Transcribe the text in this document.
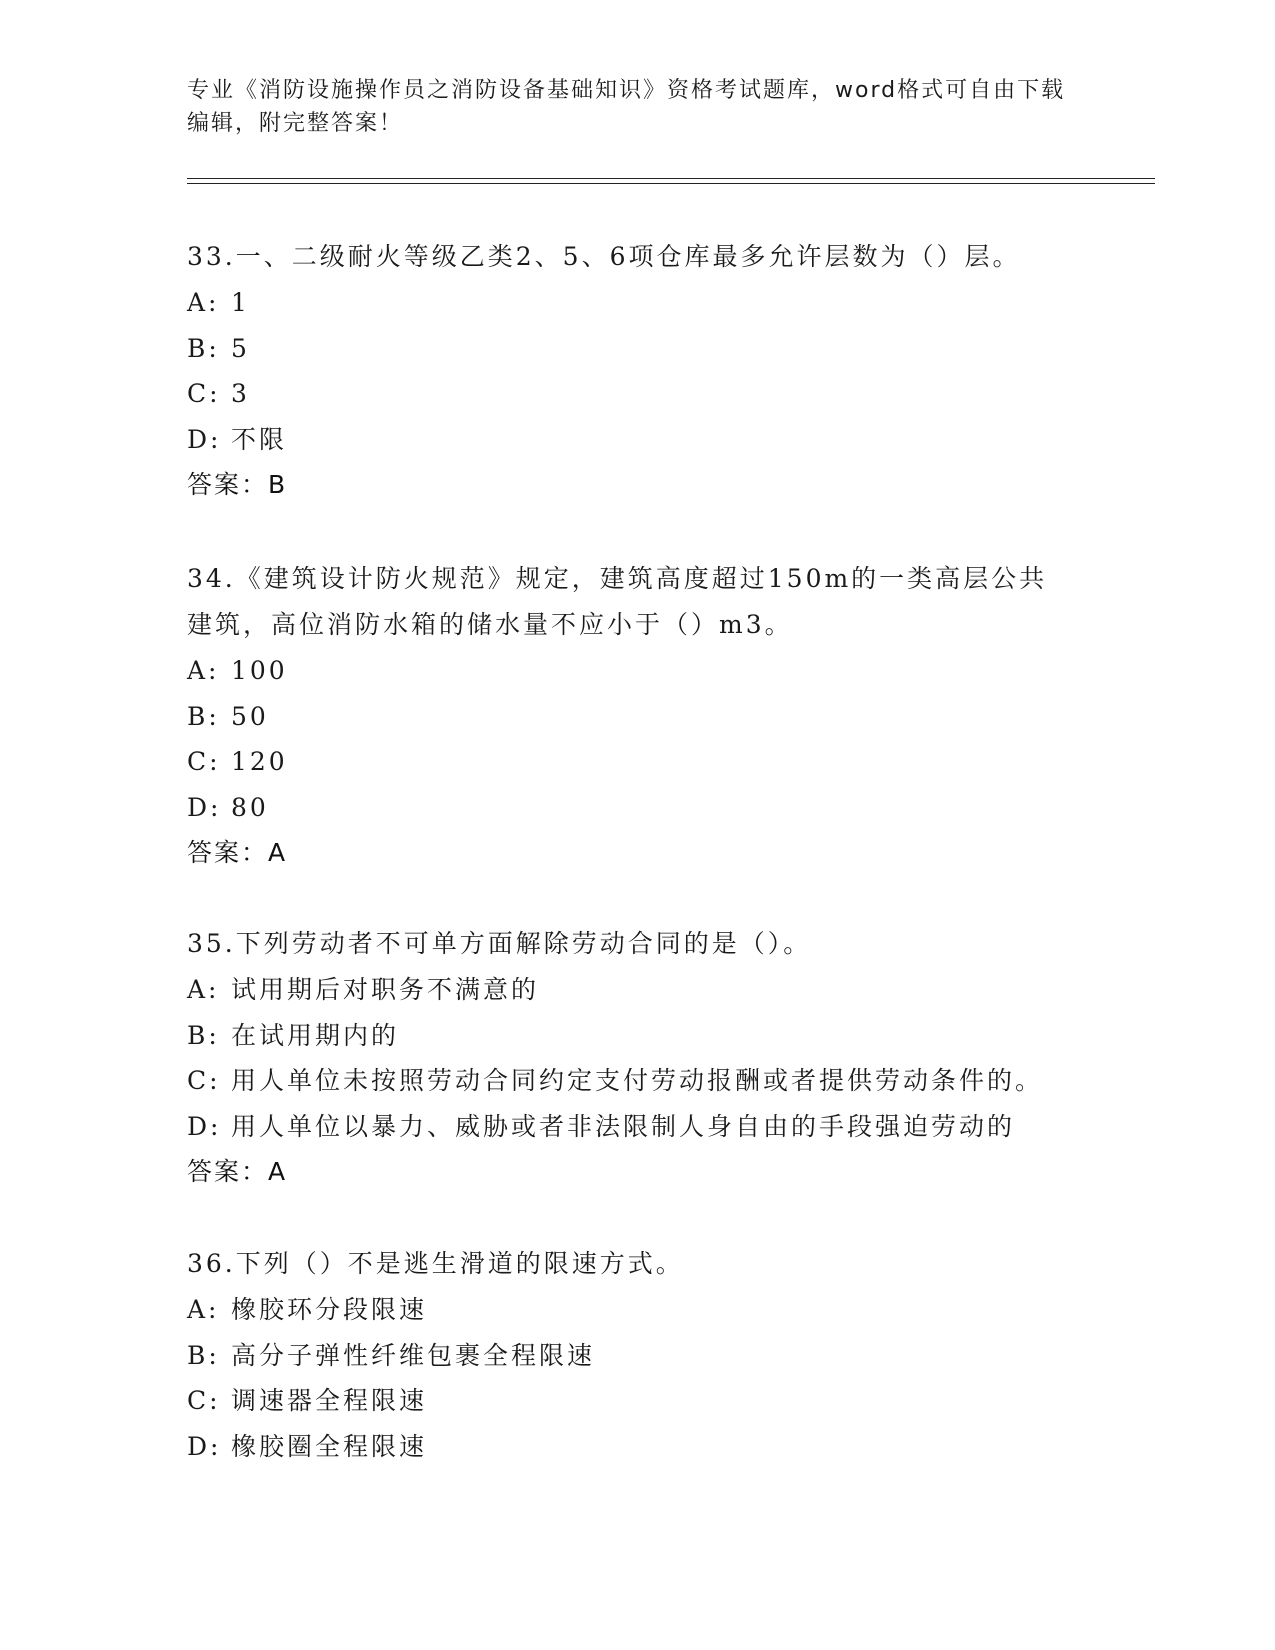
专业《消防设施操作员之消防设备基础知识》资格考试题库，word格式可自由下载编辑，附完整答案！

33.一、二级耐火等级乙类2、5、6项仓库最多允许层数为（）层。

A: 1
B: 5
C: 3
D: 不限
答案：B

34.《建筑设计防火规范》规定，建筑高度超过150m的一类高层公共建筑，高位消防水箱的储水量不应小于（）m3。

A: 100
B: 50
C: 120
D: 80
答案：A

35.下列劳动者不可单方面解除劳动合同的是（）。

A: 试用期后对职务不满意的
B: 在试用期内的
C: 用人单位未按照劳动合同约定支付劳动报酬或者提供劳动条件的。
D: 用人单位以暴力、威胁或者非法限制人身自由的手段强迫劳动的
答案：A

36.下列（）不是逃生滑道的限速方式。

A: 橡胶环分段限速
B: 高分子弹性纤维包裹全程限速
C: 调速器全程限速
D: 橡胶圈全程限速
